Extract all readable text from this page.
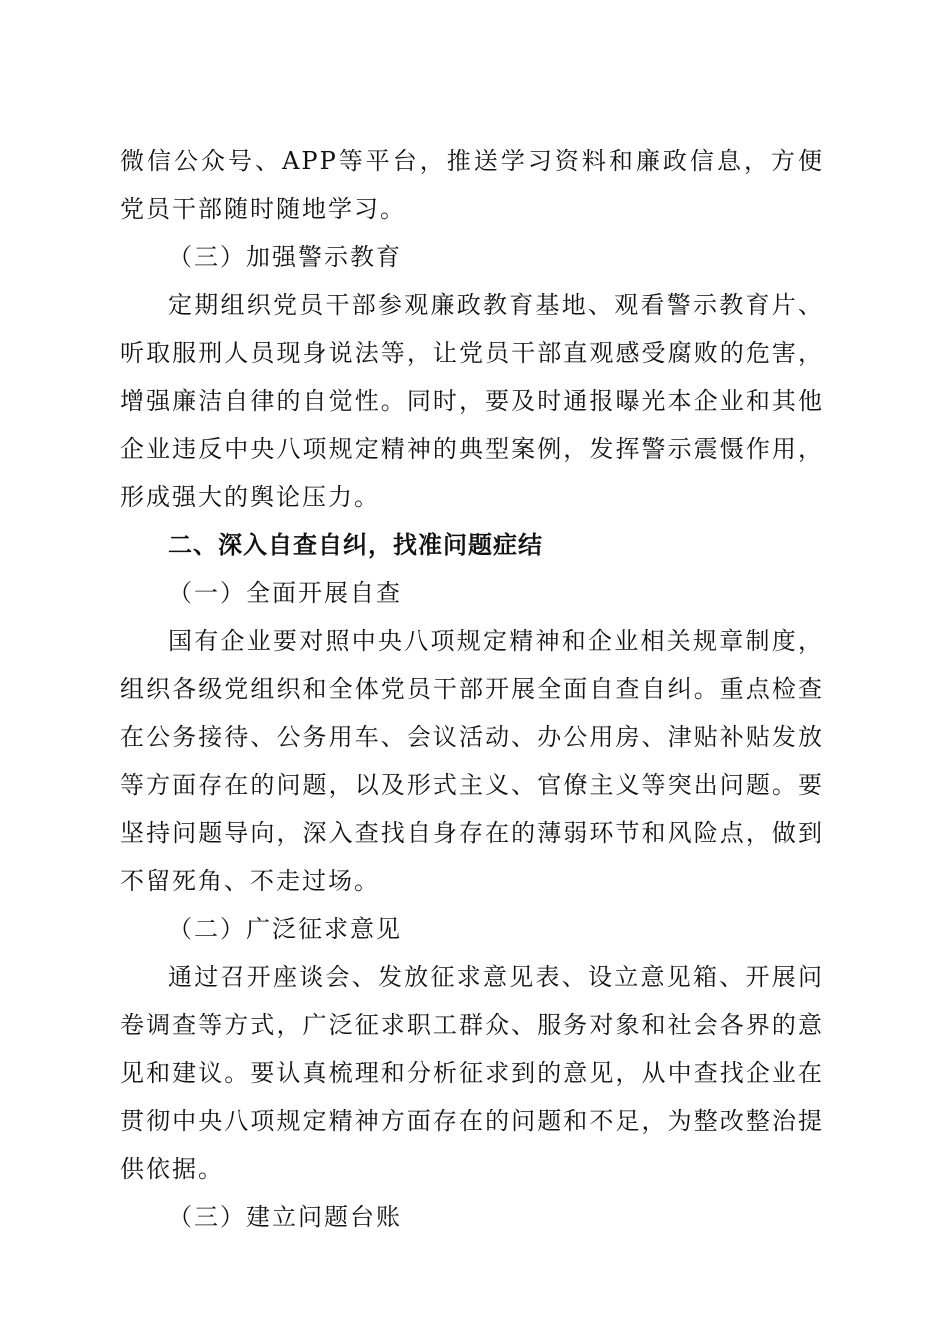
微信公众号、APP等平台，推送学习资料和廉政信息，方便党员干部随时随地学习。

（三）加强警示教育

定期组织党员干部参观廉政教育基地、观看警示教育片、听取服刑人员现身说法等，让党员干部直观感受腐败的危害，增强廉洁自律的自觉性。同时，要及时通报曝光本企业和其他企业违反中央八项规定精神的典型案例，发挥警示震慑作用，形成强大的舆论压力。

二、深入自查自纠，找准问题症结

（一）全面开展自查

国有企业要对照中央八项规定精神和企业相关规章制度，组织各级党组织和全体党员干部开展全面自查自纠。重点检查在公务接待、公务用车、会议活动、办公用房、津贴补贴发放等方面存在的问题，以及形式主义、官僚主义等突出问题。要坚持问题导向，深入查找自身存在的薄弱环节和风险点，做到不留死角、不走过场。

（二）广泛征求意见

通过召开座谈会、发放征求意见表、设立意见箱、开展问卷调查等方式，广泛征求职工群众、服务对象和社会各界的意见和建议。要认真梳理和分析征求到的意见，从中查找企业在贯彻中央八项规定精神方面存在的问题和不足，为整改整治提供依据。

（三）建立问题台账
